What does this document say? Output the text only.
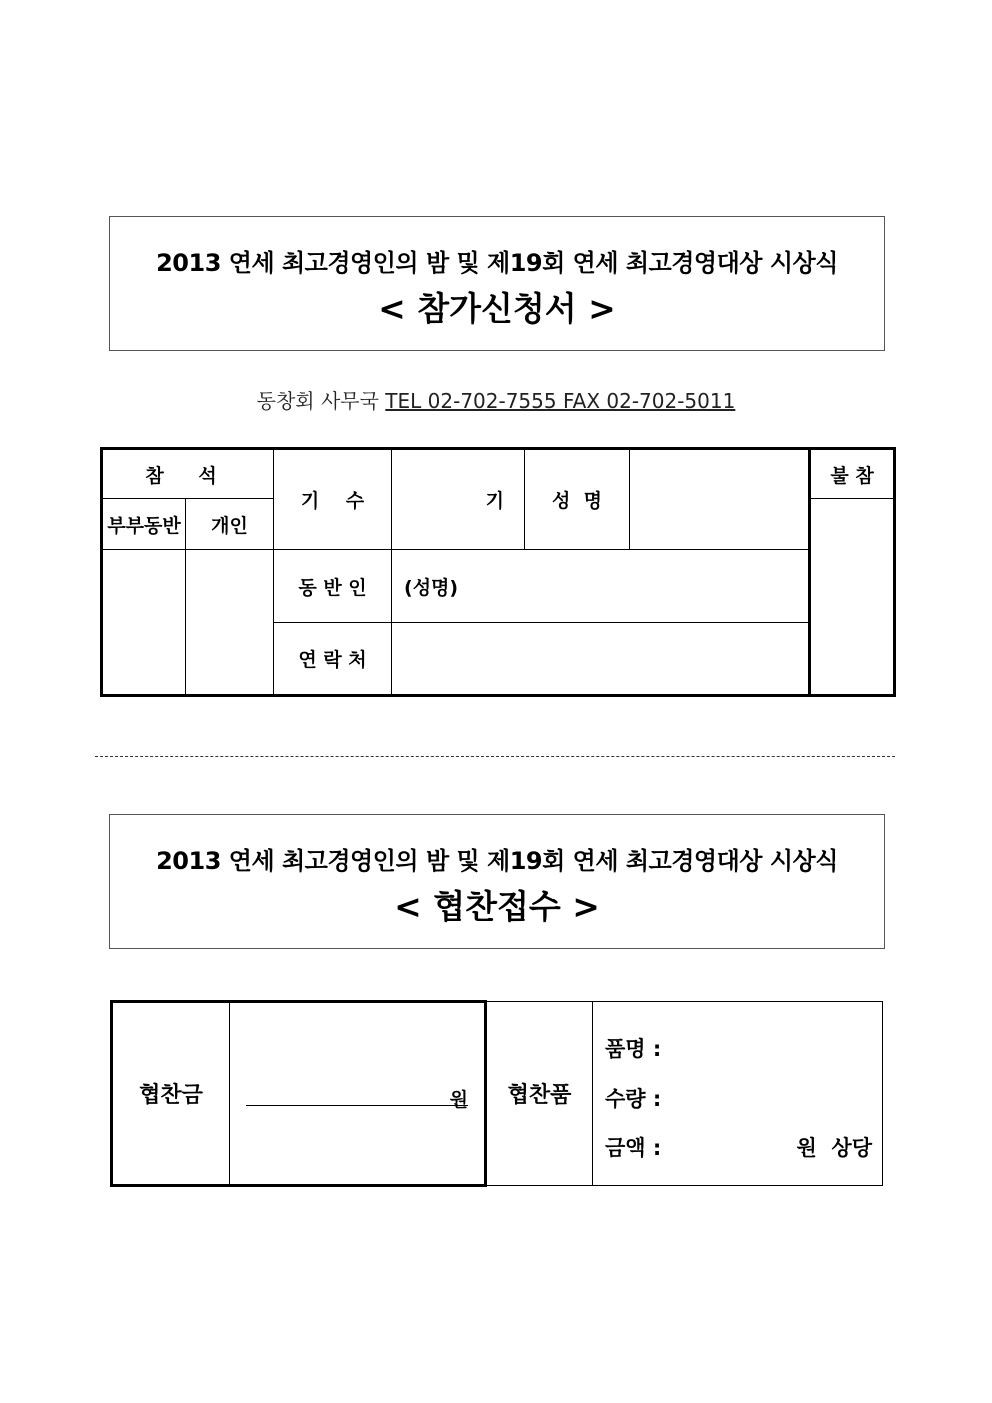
2013 연세 최고경영인의 밤 및 제19회 연세 최고경영대상 시상식
< 참가신청서 >
동창회 사무국 TEL 02-702-7555 FAX 02-702-5011
참 석		기    수	기	성  명		불 참
부부동반	개인					
		동 반 인	(성명)			
		연 락 처				
2013 연세 최고경영인의 밤 및 제19회 연세 최고경영대상 시상식
< 협찬접수 >
협찬금	원	협찬품	
품명 :
수량 :
금액 :	원  상당
